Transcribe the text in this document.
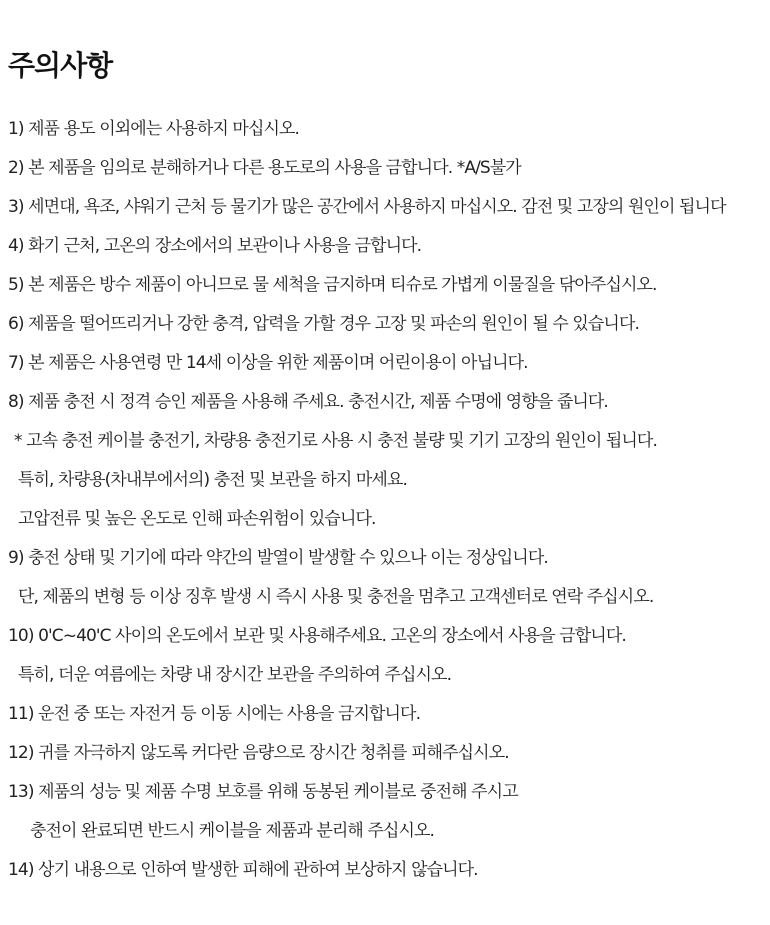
주의사항
1) 제품 용도 이외에는 사용하지 마십시오.
2) 본 제품을 임의로 분해하거나 다른 용도로의 사용을 금합니다. *A/S불가
3) 세면대, 욕조, 샤워기 근처 등 물기가 많은 공간에서 사용하지 마십시오. 감전 및 고장의 원인이 됩니다
4) 화기 근처, 고온의 장소에서의 보관이나 사용을 금합니다.
5) 본 제품은 방수 제품이 아니므로 물 세척을 금지하며 티슈로 가볍게 이물질을 닦아주십시오.
6) 제품을 떨어뜨리거나 강한 충격, 압력을 가할 경우 고장 및 파손의 원인이 될 수 있습니다.
7) 본 제품은 사용연령 만 14세 이상을 위한 제품이며 어린이용이 아닙니다.
8) 제품 충전 시 정격 승인 제품을 사용해 주세요. 충전시간, 제품 수명에 영향을 줍니다.
* 고속 충전 케이블 충전기, 차량용 충전기로 사용 시 충전 불량 및 기기 고장의 원인이 됩니다.
특히, 차량용(차내부에서의) 충전 및 보관을 하지 마세요.
고압전류 및 높은 온도로 인해 파손위험이 있습니다.
9) 충전 상태 및 기기에 따라 약간의 발열이 발생할 수 있으나 이는 정상입니다.
단, 제품의 변형 등 이상 징후 발생 시 즉시 사용 및 충전을 멈추고 고객센터로 연락 주십시오.
10) 0'C~40'C 사이의 온도에서 보관 및 사용해주세요. 고온의 장소에서 사용을 금합니다.
특히, 더운 여름에는 차량 내 장시간 보관을 주의하여 주십시오.
11) 운전 중 또는 자전거 등 이동 시에는 사용을 금지합니다.
12) 귀를 자극하지 않도록 커다란 음량으로 장시간 청취를 피해주십시오.
13) 제품의 성능 및 제품 수명 보호를 위해 동봉된 케이블로 중전해 주시고
충전이 완료되면 반드시 케이블을 제품과 분리해 주십시오.
14) 상기 내용으로 인하여 발생한 피해에 관하여 보상하지 않습니다.
